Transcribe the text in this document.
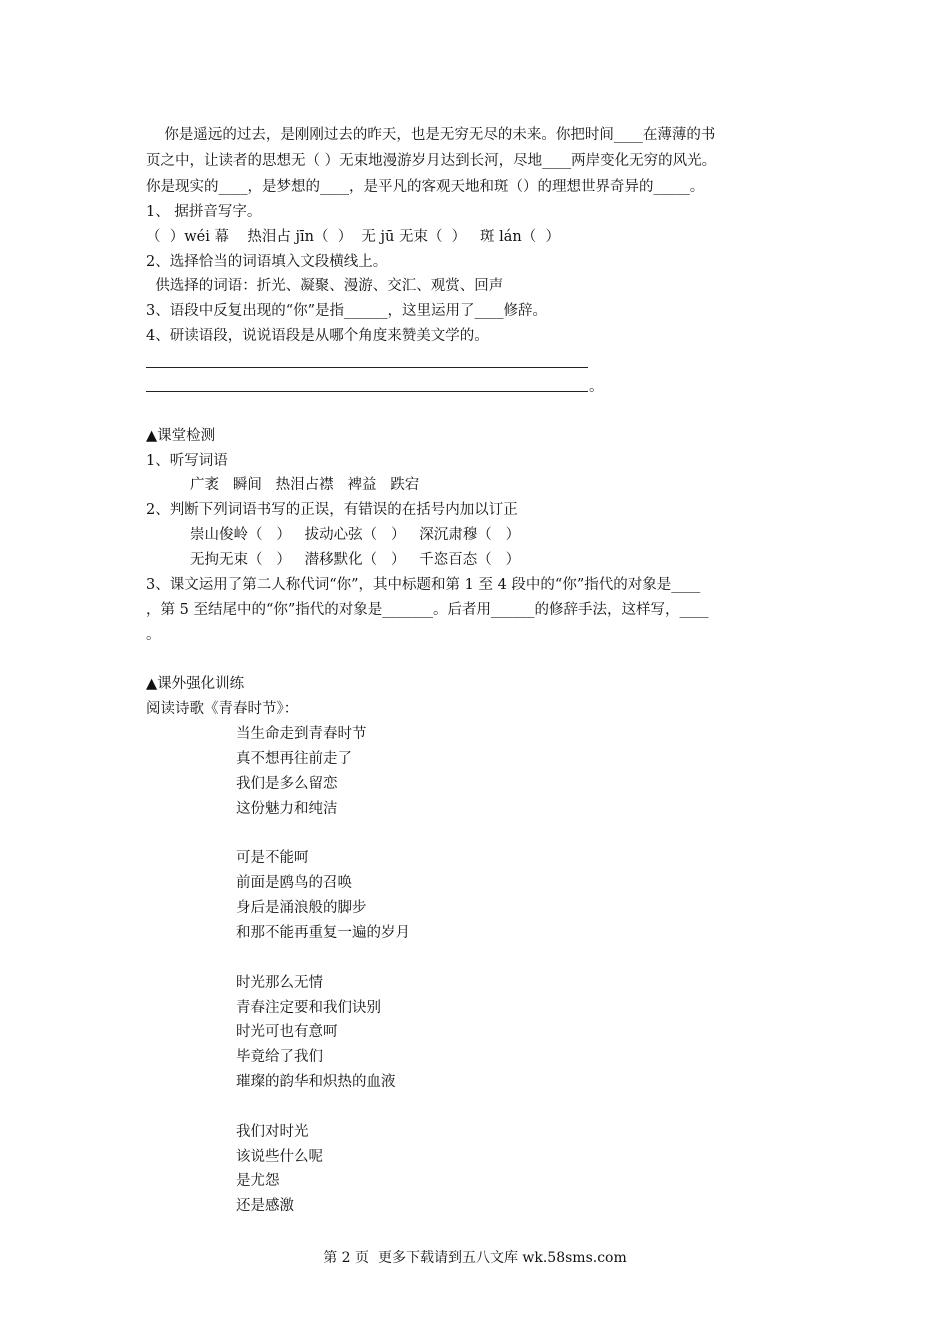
你是遥远的过去，是刚刚过去的昨天，也是无穷无尽的未来。你把时间____在薄薄的书
页之中，让读者的思想无（ ）无束地漫游岁月达到长河，尽地____两岸变化无穷的风光。
你是现实的____，是梦想的____，是平凡的客观天地和斑（）的理想世界奇异的_____。
1、 据拼音写字。
（  ）wéi 幕    热泪占 jīn（  ）  无 jū 无束（  ）   斑 lán（  ）
2、选择恰当的词语填入文段横线上。
供选择的词语：折光、凝聚、漫游、交汇、观赏、回声
3、语段中反复出现的“你”是指______，这里运用了____修辞。
4、研读语段，说说语段是从哪个角度来赞美文学的。
。
▲课堂检测
1、听写词语
广袤   瞬间   热泪占襟   裨益   跌宕
2、判断下列词语书写的正误，有错误的在括号内加以订正
崇山俊岭（   ）   拔动心弦（   ）   深沉肃穆（   ）
无拘无束（   ）   潜移默化（   ）   千恣百态（   ）
3、课文运用了第二人称代词“你”，其中标题和第 1 至 4 段中的“你”指代的对象是____
，第 5 至结尾中的“你”指代的对象是_______。后者用______的修辞手法，这样写，____
。
▲课外强化训练
阅读诗歌《青春时节》：
当生命走到青春时节
真不想再往前走了
我们是多么留恋
这份魅力和纯洁
可是不能呵
前面是鸥鸟的召唤
身后是涌浪般的脚步
和那不能再重复一遍的岁月
时光那么无情
青春注定要和我们诀别
时光可也有意呵
毕竟给了我们
璀璨的韵华和炽热的血液
我们对时光
该说些什么呢
是尤怨
还是感激
第 2 页  更多下载请到五八文库 wk.58sms.com
